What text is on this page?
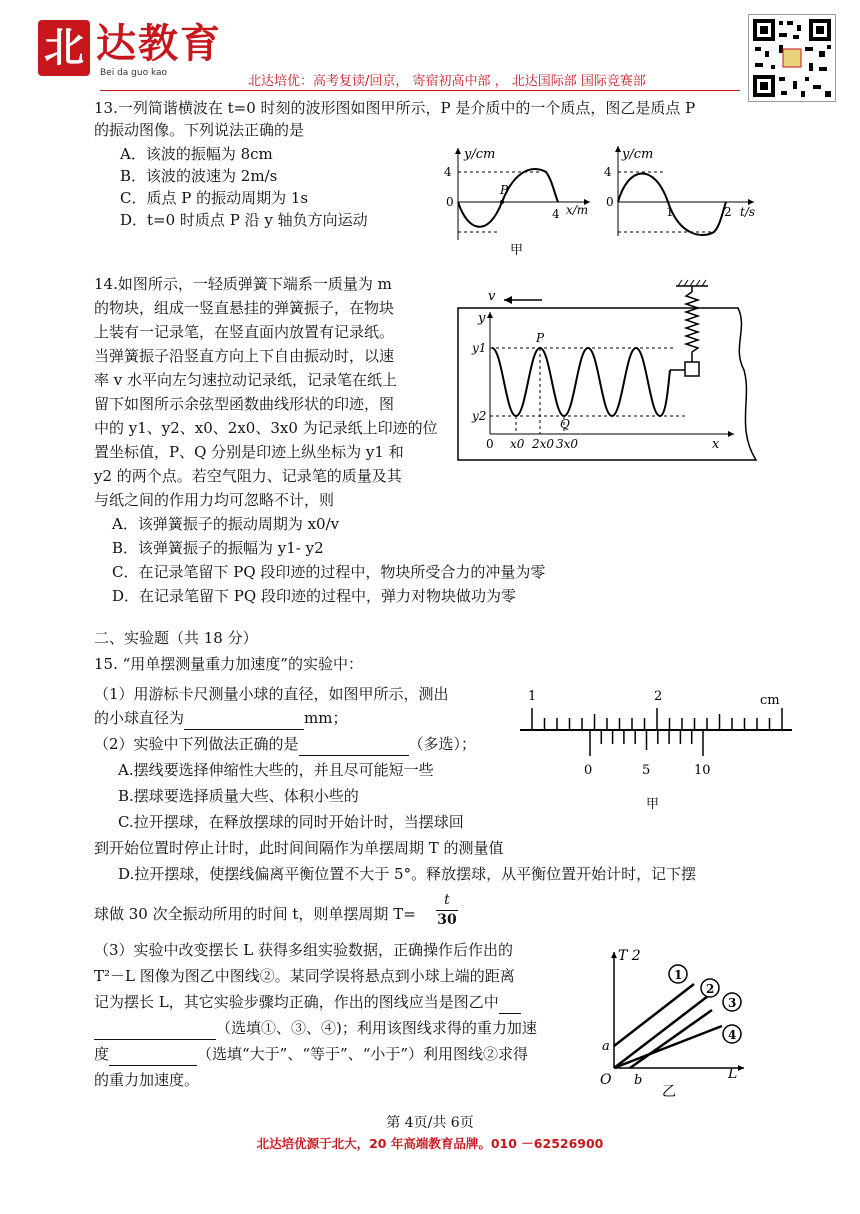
北 达教育
Bei da guo kao
北达培优：高考复读/回京， 寄宿初高中部 ， 北达国际部 国际竞赛部
13.一列简谐横波在 t=0 时刻的波形图如图甲所示，P 是介质中的一个质点，图乙是质点 P
的振动图像。下列说法正确的是
A．该波的振幅为 8cm
B．该波的波速为 2m/s
C．质点 P 的振动周期为 1s
D．t=0 时质点 P 沿 y 轴负方向运动
y/cm
4
0
P
4 x/m
甲
y/cm
4
0
1	2 t/s
14.如图所示，一轻质弹簧下端系一质量为 m
的物块，组成一竖直悬挂的弹簧振子，在物块
上装有一记录笔，在竖直面内放置有记录纸。
当弹簧振子沿竖直方向上下自由振动时，以速
率 v 水平向左匀速拉动记录纸，记录笔在纸上
留下如图所示余弦型函数曲线形状的印迹，图
中的 y1、y2、x0、2x0、3x0 为记录纸上印迹的位
置坐标值，P、Q 分别是印迹上纵坐标为 y1 和
y2 的两个点。若空气阻力、记录笔的质量及其
与纸之间的作用力均可忽略不计，则
A．该弹簧振子的振动周期为 x0/v
B．该弹簧振子的振幅为 y1- y2
C．在记录笔留下 PQ 段印迹的过程中，物块所受合力的冲量为零
D．在记录笔留下 PQ 段印迹的过程中，弹力对物块做功为零
v
y
y1
y2
P
Q
0 x0 2x0 3x0	x
二、实验题（共 18 分）
15. “用单摆测量重力加速度”的实验中：
（1）用游标卡尺测量小球的直径，如图甲所示，测出
的小球直径为	mm；
（2）实验中下列做法正确的是	（多选）；
A.摆线要选择伸缩性大些的，并且尽可能短一些
B.摆球要选择质量大些、体积小些的
C.拉开摆球，在释放摆球的同时开始计时，当摆球回
到开始位置时停止计时，此时间间隔作为单摆周期 T 的测量值
D.拉开摆球，使摆线偏离平衡位置不大于 5°。释放摆球，从平衡位置开始计时，记下摆
球做 30 次全振动所用的时间 t，则单摆周期 T=
t
30
1	2	cm
0	5	10
甲
（3）实验中改变摆长 L 获得多组实验数据，正确操作后作出的
T²－L 图像为图乙中图线②。某同学误将悬点到小球上端的距离
记为摆长 L，其它实验步骤均正确，作出的图线应当是图乙中
（选填①、③、④)；利用该图线求得的重力加速
度	（选填“大于”、“等于”、“小于”）利用图线②求得
的重力加速度。
T 2
L
O
a
b
1
2
3
4
乙
第 4页/共 6页
北达培优源于北大，20 年高端教育品牌。010 －62526900
